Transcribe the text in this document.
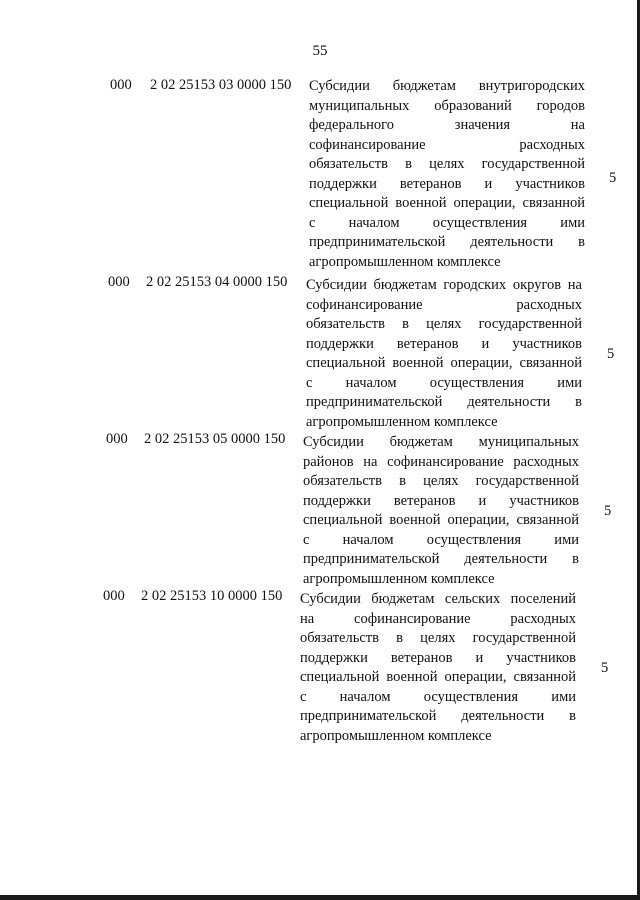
55
000 2 02 25153 03 0000 150 Субсидии бюджетам внутригородских
муниципальных образований городов
федерального значения на
софинансирование расходных
обязательств в целях государственной
поддержки ветеранов и участников
специальной военной операции, связанной
с началом осуществления ими
предпринимательской деятельности в
агропромышленном комплексе
5
000 2 02 25153 04 0000 150 Субсидии бюджетам городских округов на
софинансирование расходных
обязательств в целях государственной
поддержки ветеранов и участников
специальной военной операции, связанной
с началом осуществления ими
предпринимательской деятельности в
агропромышленном комплексе
5
000 2 02 25153 05 0000 150 Субсидии бюджетам муниципальных
районов на софинансирование расходных
обязательств в целях государственной
поддержки ветеранов и участников
специальной военной операции, связанной
с началом осуществления ими
предпринимательской деятельности в
агропромышленном комплексе
5
000 2 02 25153 10 0000 150 Субсидии бюджетам сельских поселений
на софинансирование расходных
обязательств в целях государственной
поддержки ветеранов и участников
специальной военной операции, связанной
с началом осуществления ими
предпринимательской деятельности в
агропромышленном комплексе
5
